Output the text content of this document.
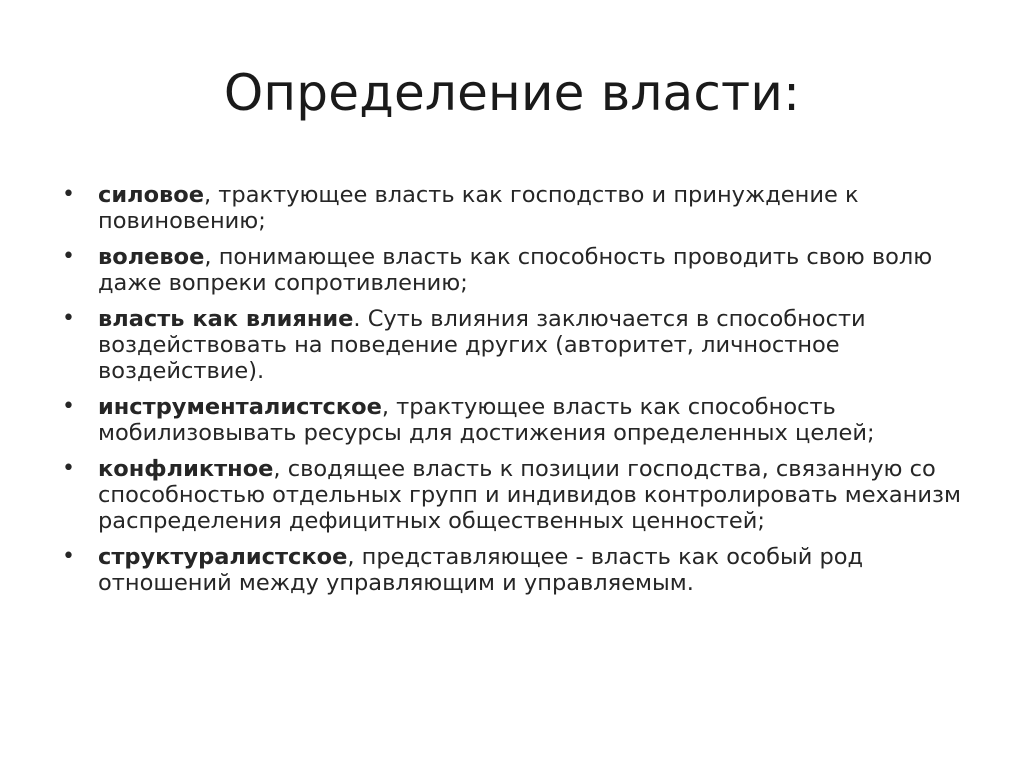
Определение власти:
•	силовое, трактующее власть как господство и принуждение к повиновению;
•	волевое, понимающее власть как способность проводить свою волю даже вопреки сопротивлению;
•	власть как влияние. Суть влияния заключается в способности воздействовать на поведение других (авторитет, личностное воздействие).
•	инструменталистское, трактующее власть как способность мобилизовывать ресурсы для достижения определенных целей;
•	конфликтное, сводящее власть к позиции господства, связанную со способностью отдельных групп и индивидов контролировать механизм распределения дефицитных общественных ценностей;
•	структуралистское, представляющее - власть как особый род отношений между управляющим и управляемым.
